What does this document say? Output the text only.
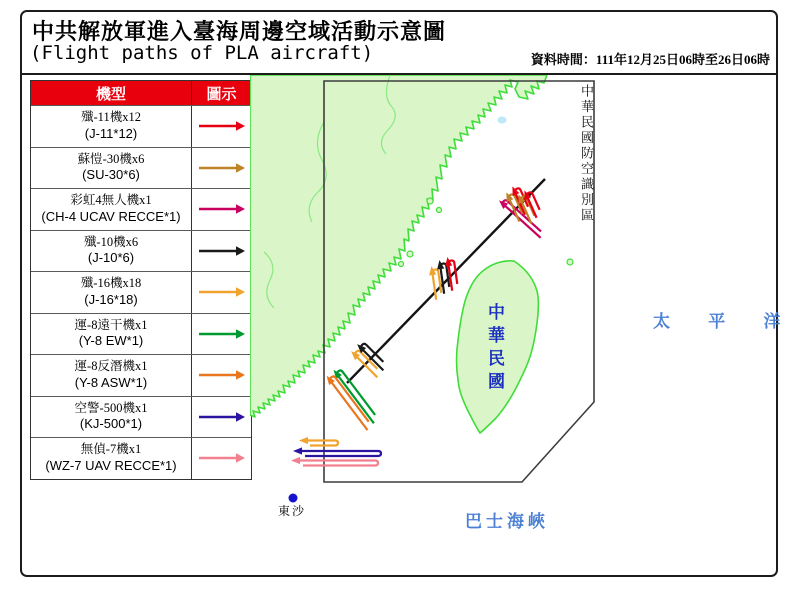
中共解放軍進入臺海周邊空域活動示意圖
(Flight paths of PLA aircraft)	資料時間：111年12月25日06時至26日06時
機型	圖示
殲-11機x12
(J-11*12)
蘇愷-30機x6
(SU-30*6)
彩虹4無人機x1
(CH-4 UCAV RECCE*1)
殲-10機x6
(J-10*6)
殲-16機x18
(J-16*18)
運-8遠干機x1
(Y-8 EW*1)
運-8反潛機x1
(Y-8 ASW*1)
空警-500機x1
(KJ-500*1)
無偵-7機x1
(WZ-7 UAV RECCE*1)
中華民國防空識別區
中華民國	太 平 洋
巴士海峽
東沙
